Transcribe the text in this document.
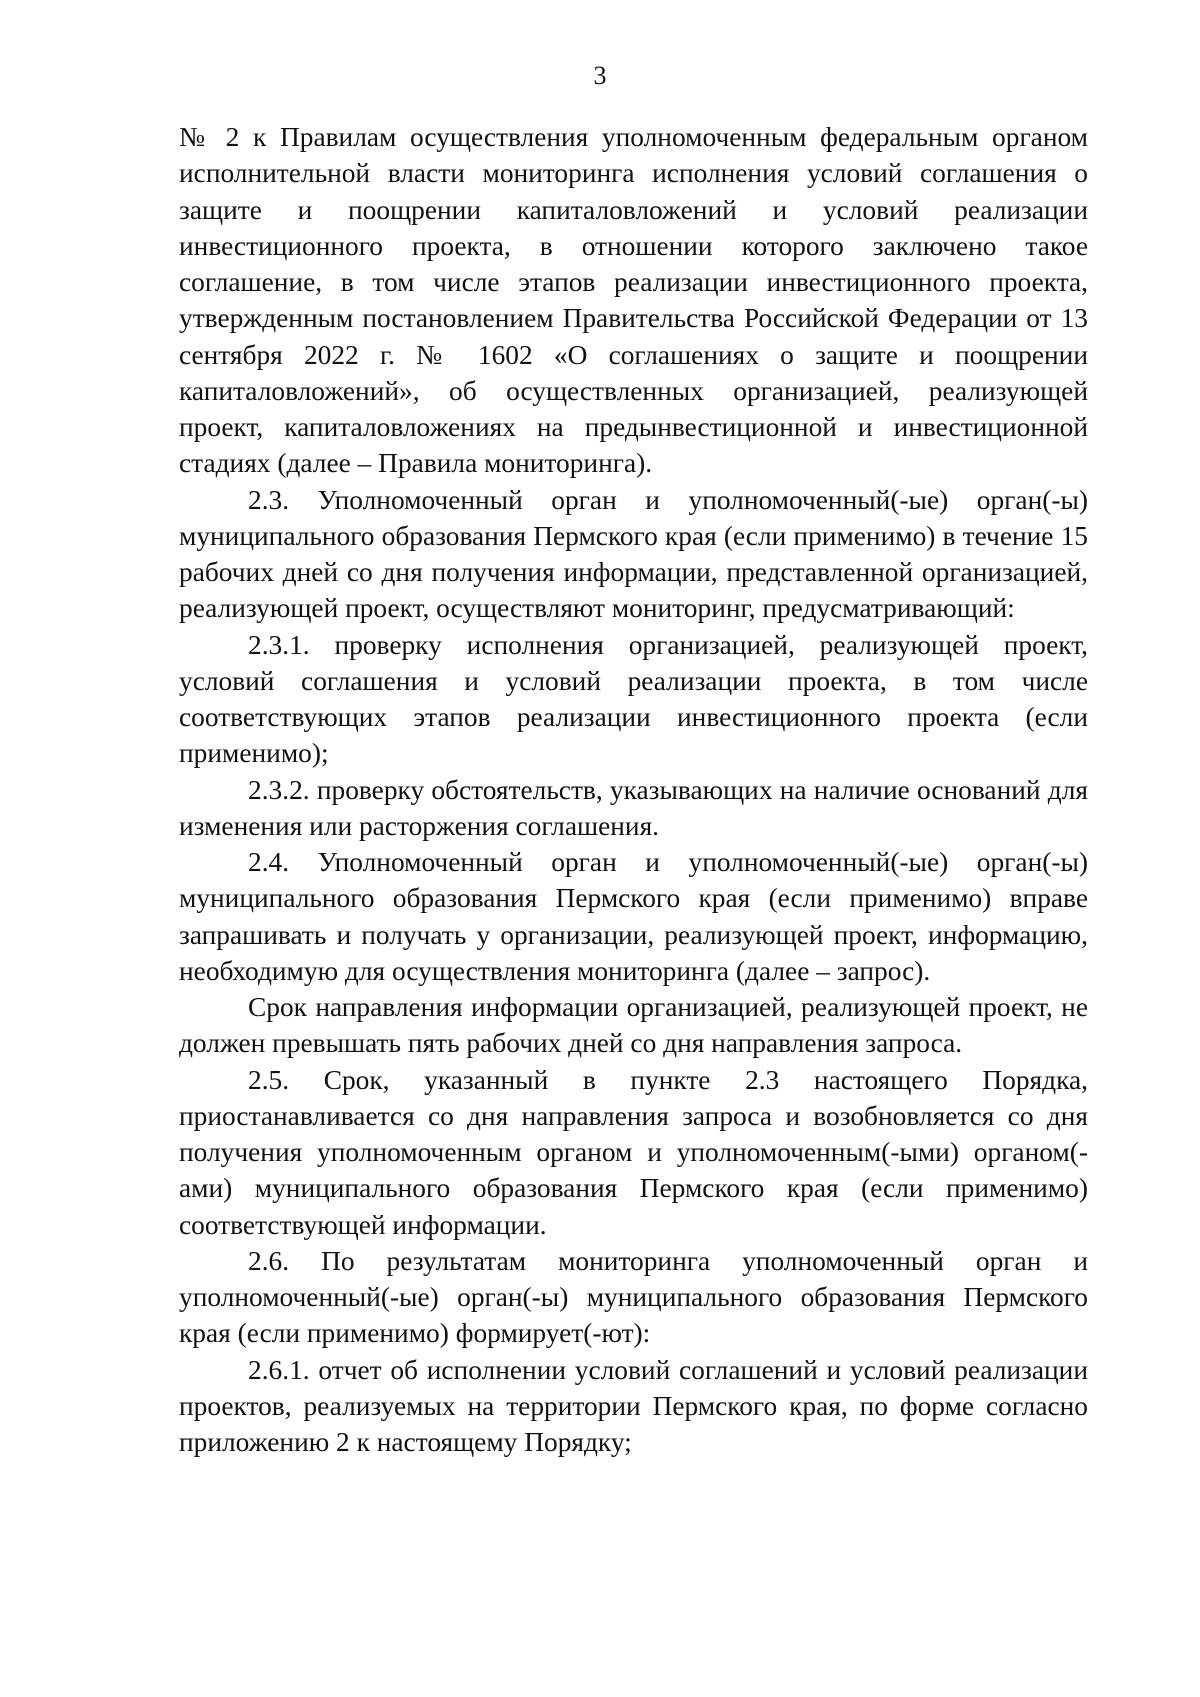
3

№ 2 к Правилам осуществления уполномоченным федеральным органом исполнительной власти мониторинга исполнения условий соглашения о защите и поощрении капиталовложений и условий реализации инвестиционного проекта, в отношении которого заключено такое соглашение, в том числе этапов реализации инвестиционного проекта, утвержденным постановлением Правительства Российской Федерации от 13 сентября 2022 г. № 1602 «О соглашениях о защите и поощрении капиталовложений», об осуществленных организацией, реализующей проект, капиталовложениях на предынвестиционной и инвестиционной стадиях (далее – Правила мониторинга).

2.3. Уполномоченный орган и уполномоченный(-ые) орган(-ы) муниципального образования Пермского края (если применимо) в течение 15 рабочих дней со дня получения информации, представленной организацией, реализующей проект, осуществляют мониторинг, предусматривающий:

2.3.1. проверку исполнения организацией, реализующей проект, условий соглашения и условий реализации проекта, в том числе соответствующих этапов реализации инвестиционного проекта (если применимо);

2.3.2. проверку обстоятельств, указывающих на наличие оснований для изменения или расторжения соглашения.

2.4. Уполномоченный орган и уполномоченный(-ые) орган(-ы) муниципального образования Пермского края (если применимо) вправе запрашивать и получать у организации, реализующей проект, информацию, необходимую для осуществления мониторинга (далее – запрос).

Срок направления информации организацией, реализующей проект, не должен превышать пять рабочих дней со дня направления запроса.

2.5. Срок, указанный в пункте 2.3 настоящего Порядка, приостанавливается со дня направления запроса и возобновляется со дня получения уполномоченным органом и уполномоченным(-ыми) органом(-ами) муниципального образования Пермского края (если применимо) соответствующей информации.

2.6. По результатам мониторинга уполномоченный орган и уполномоченный(-ые) орган(-ы) муниципального образования Пермского края (если применимо) формирует(-ют):

2.6.1. отчет об исполнении условий соглашений и условий реализации проектов, реализуемых на территории Пермского края, по форме согласно приложению 2 к настоящему Порядку;
